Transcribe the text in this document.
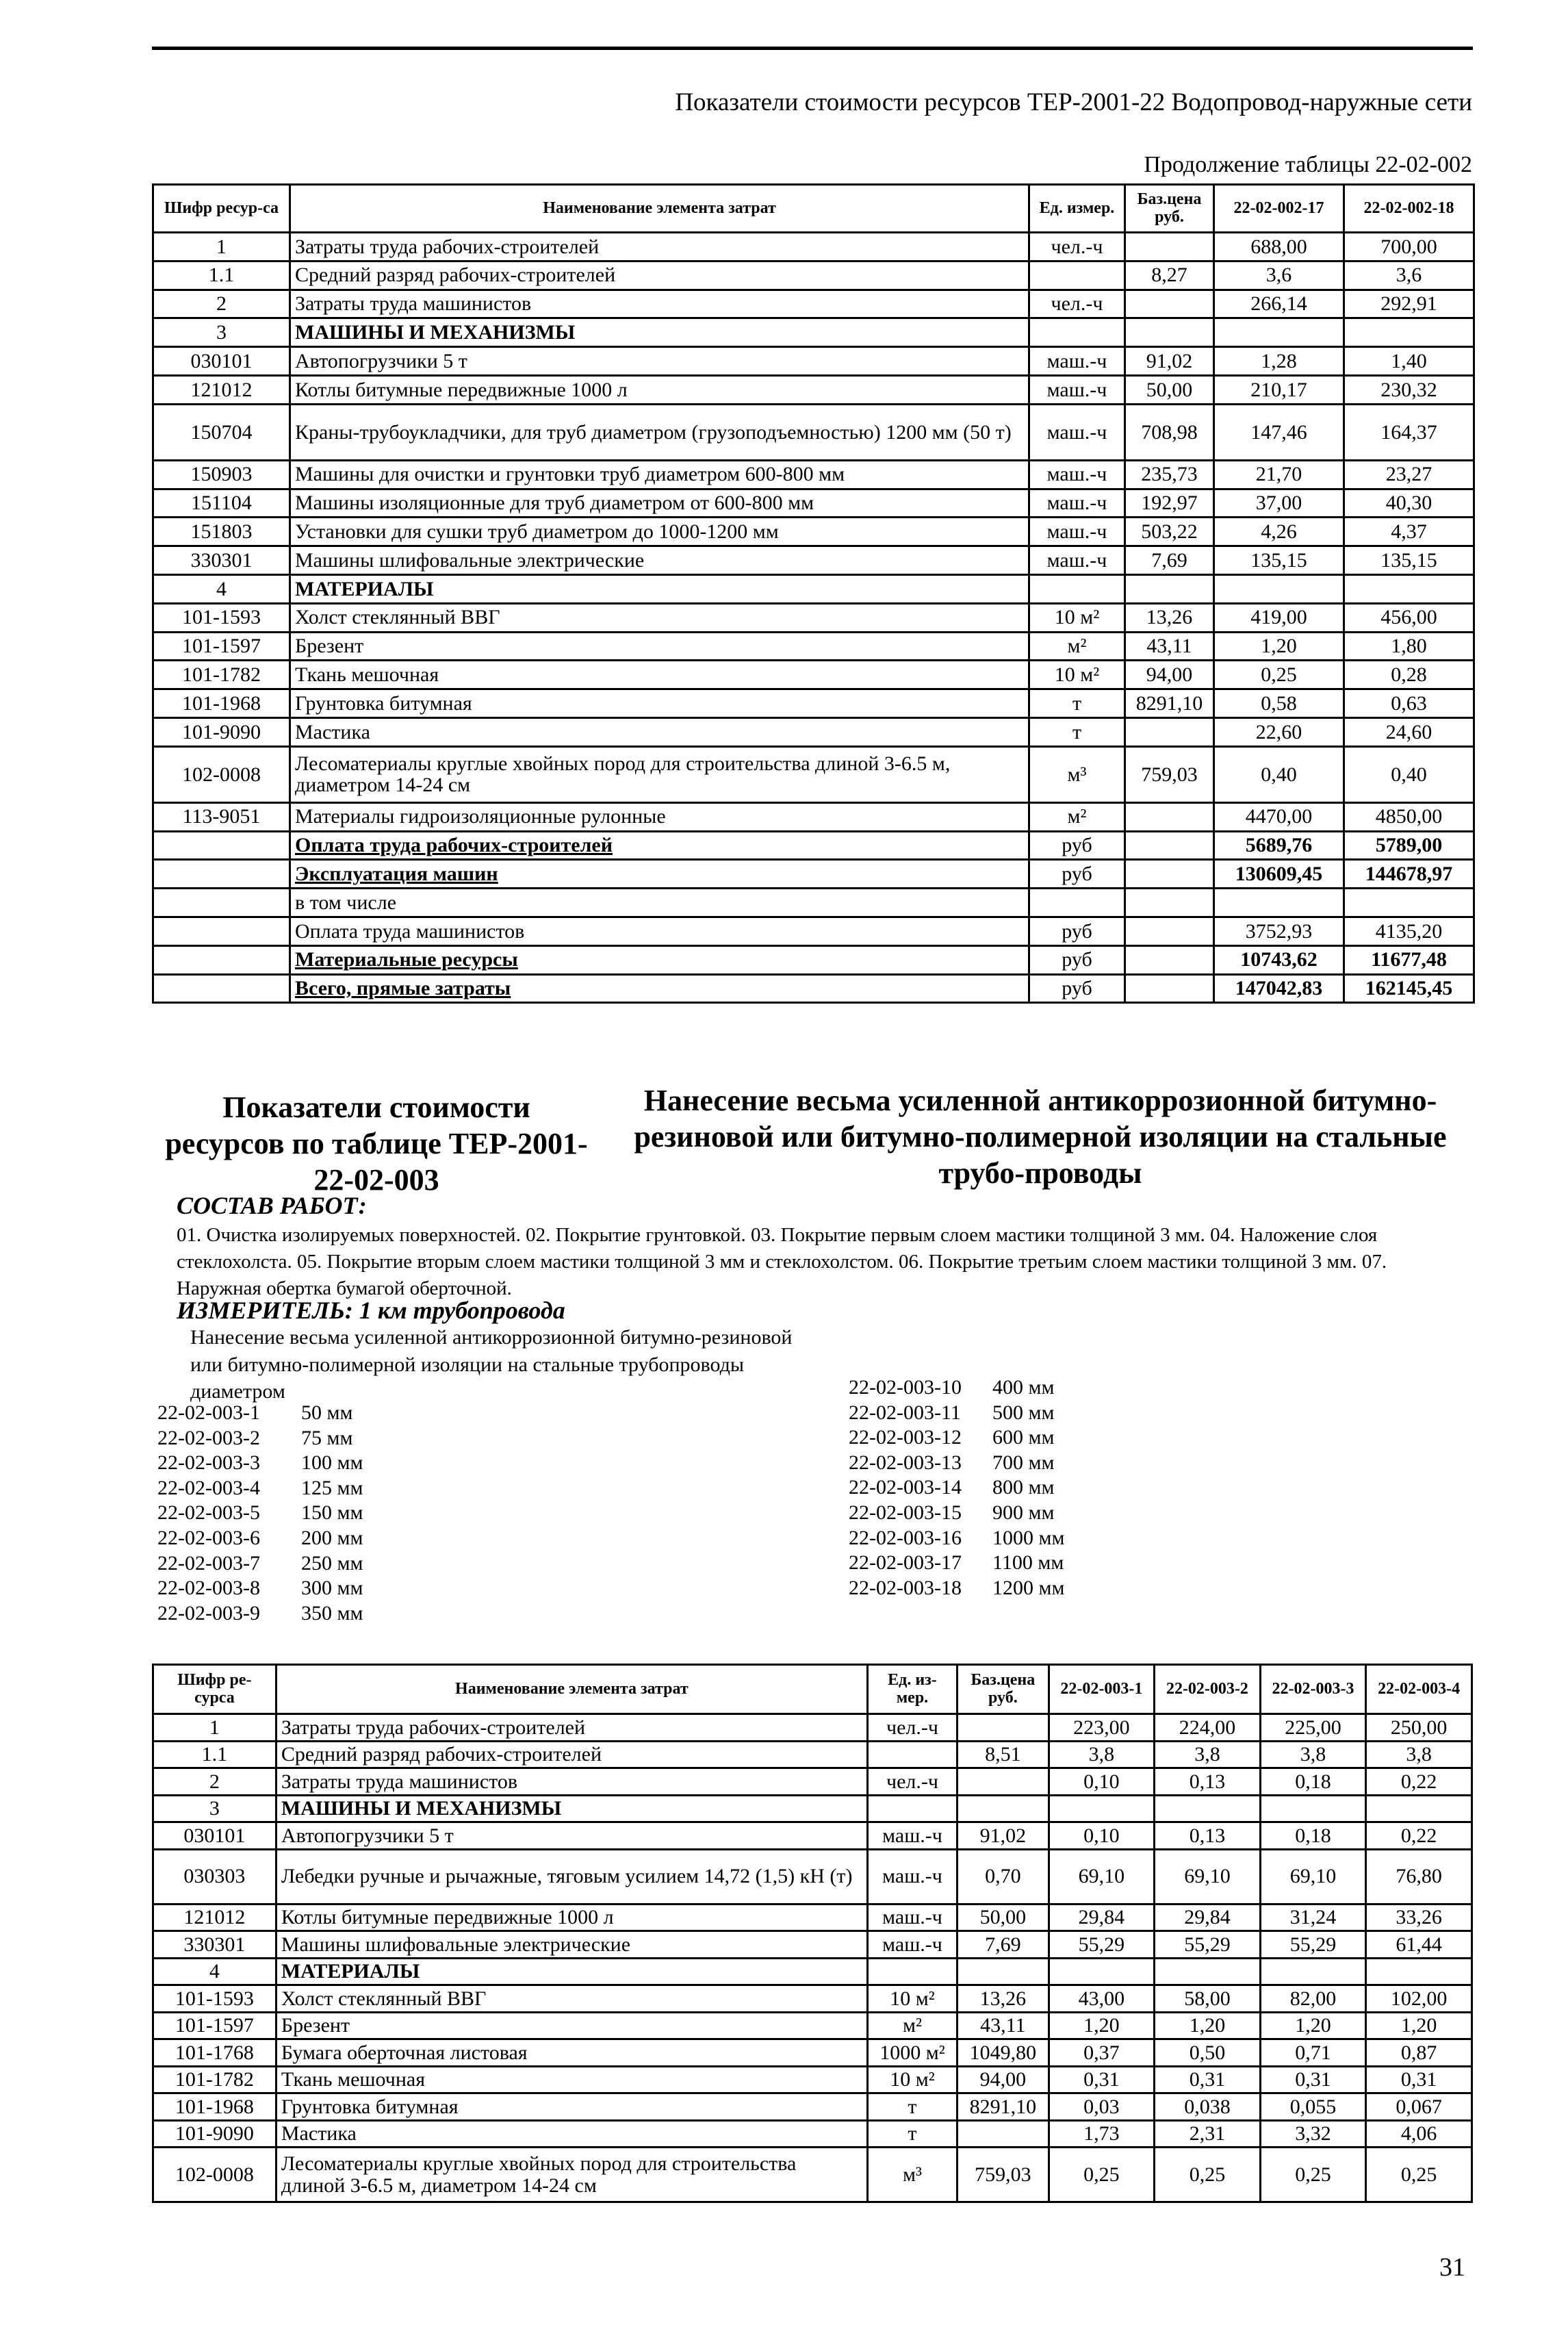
Показатели стоимости ресурсов ТЕР-2001-22 Водопровод-наружные сети
Продолжение таблицы 22-02-002
Шифр ресур-са	Наименование элемента затрат	Ед. измер.	Баз.цена руб.	22-02-002-17	22-02-002-18
1	Затраты труда рабочих-строителей	чел.-ч		688,00	700,00
1.1	Средний разряд рабочих-строителей		8,27	3,6	3,6
2	Затраты труда машинистов	чел.-ч		266,14	292,91
3	МАШИНЫ И МЕХАНИЗМЫ				
030101	Автопогрузчики 5 т	маш.-ч	91,02	1,28	1,40
121012	Котлы битумные передвижные 1000 л	маш.-ч	50,00	210,17	230,32
150704	Краны-трубоукладчики, для труб диаметром (грузоподъемностью) 1200 мм (50 т)	маш.-ч	708,98	147,46	164,37
150903	Машины для очистки и грунтовки труб диаметром 600-800 мм	маш.-ч	235,73	21,70	23,27
151104	Машины изоляционные для труб диаметром от 600-800 мм	маш.-ч	192,97	37,00	40,30
151803	Установки для сушки труб диаметром до 1000-1200 мм	маш.-ч	503,22	4,26	4,37
330301	Машины шлифовальные электрические	маш.-ч	7,69	135,15	135,15
4	МАТЕРИАЛЫ				
101-1593	Холст стеклянный ВВГ	10 м²	13,26	419,00	456,00
101-1597	Брезент	м²	43,11	1,20	1,80
101-1782	Ткань мешочная	10 м²	94,00	0,25	0,28
101-1968	Грунтовка битумная	т	8291,10	0,58	0,63
101-9090	Мастика	т		22,60	24,60
102-0008	Лесоматериалы круглые хвойных пород для строительства длиной 3-6.5 м, диаметром 14-24 см	м³	759,03	0,40	0,40
113-9051	Материалы гидроизоляционные рулонные	м²		4470,00	4850,00
	Оплата труда рабочих-строителей	руб		5689,76	5789,00
	Эксплуатация машин	руб		130609,45	144678,97
	в том числе				
	Оплата труда машинистов	руб		3752,93	4135,20
	Материальные ресурсы	руб		10743,62	11677,48
	Всего, прямые затраты	руб		147042,83	162145,45
Показатели стоимости ресурсов по таблице ТЕР-2001-22-02-003
Нанесение весьма усиленной антикоррозионной битумно-резиновой или битумно-полимерной изоляции на стальные трубо-проводы
СОСТАВ РАБОТ:
01. Очистка изолируемых поверхностей. 02. Покрытие грунтовкой. 03. Покрытие первым слоем мастики толщиной 3 мм. 04. Наложение слоя стеклохолста. 05. Покрытие вторым слоем мастики толщиной 3 мм и стеклохолстом. 06. Покрытие третьим слоем мастики толщиной 3 мм. 07. Наружная обертка бумагой оберточной.
ИЗМЕРИТЕЛЬ: 1 км трубопровода
Нанесение весьма усиленной антикоррозионной битумно-резиновой или битумно-полимерной изоляции на стальные трубопроводы диаметром
22-02-003-1 50 мм
22-02-003-2 75 мм
22-02-003-3 100 мм
22-02-003-4 125 мм
22-02-003-5 150 мм
22-02-003-6 200 мм
22-02-003-7 250 мм
22-02-003-8 300 мм
22-02-003-9 350 мм
22-02-003-10 400 мм
22-02-003-11 500 мм
22-02-003-12 600 мм
22-02-003-13 700 мм
22-02-003-14 800 мм
22-02-003-15 900 мм
22-02-003-16 1000 мм
22-02-003-17 1100 мм
22-02-003-18 1200 мм
Шифр ре-сурса	Наименование элемента затрат	Ед. из-мер.	Баз.цена руб.	22-02-003-1	22-02-003-2	22-02-003-3	22-02-003-4
1	Затраты труда рабочих-строителей	чел.-ч		223,00	224,00	225,00	250,00
1.1	Средний разряд рабочих-строителей		8,51	3,8	3,8	3,8	3,8
2	Затраты труда машинистов	чел.-ч		0,10	0,13	0,18	0,22
3	МАШИНЫ И МЕХАНИЗМЫ						
030101	Автопогрузчики 5 т	маш.-ч	91,02	0,10	0,13	0,18	0,22
030303	Лебедки ручные и рычажные, тяговым усилием 14,72 (1,5) кН (т)	маш.-ч	0,70	69,10	69,10	69,10	76,80
121012	Котлы битумные передвижные 1000 л	маш.-ч	50,00	29,84	29,84	31,24	33,26
330301	Машины шлифовальные электрические	маш.-ч	7,69	55,29	55,29	55,29	61,44
4	МАТЕРИАЛЫ						
101-1593	Холст стеклянный ВВГ	10 м²	13,26	43,00	58,00	82,00	102,00
101-1597	Брезент	м²	43,11	1,20	1,20	1,20	1,20
101-1768	Бумага оберточная листовая	1000 м²	1049,80	0,37	0,50	0,71	0,87
101-1782	Ткань мешочная	10 м²	94,00	0,31	0,31	0,31	0,31
101-1968	Грунтовка битумная	т	8291,10	0,03	0,038	0,055	0,067
101-9090	Мастика	т		1,73	2,31	3,32	4,06
102-0008	Лесоматериалы круглые хвойных пород для строительства длиной 3-6.5 м, диаметром 14-24 см	м³	759,03	0,25	0,25	0,25	0,25
31
